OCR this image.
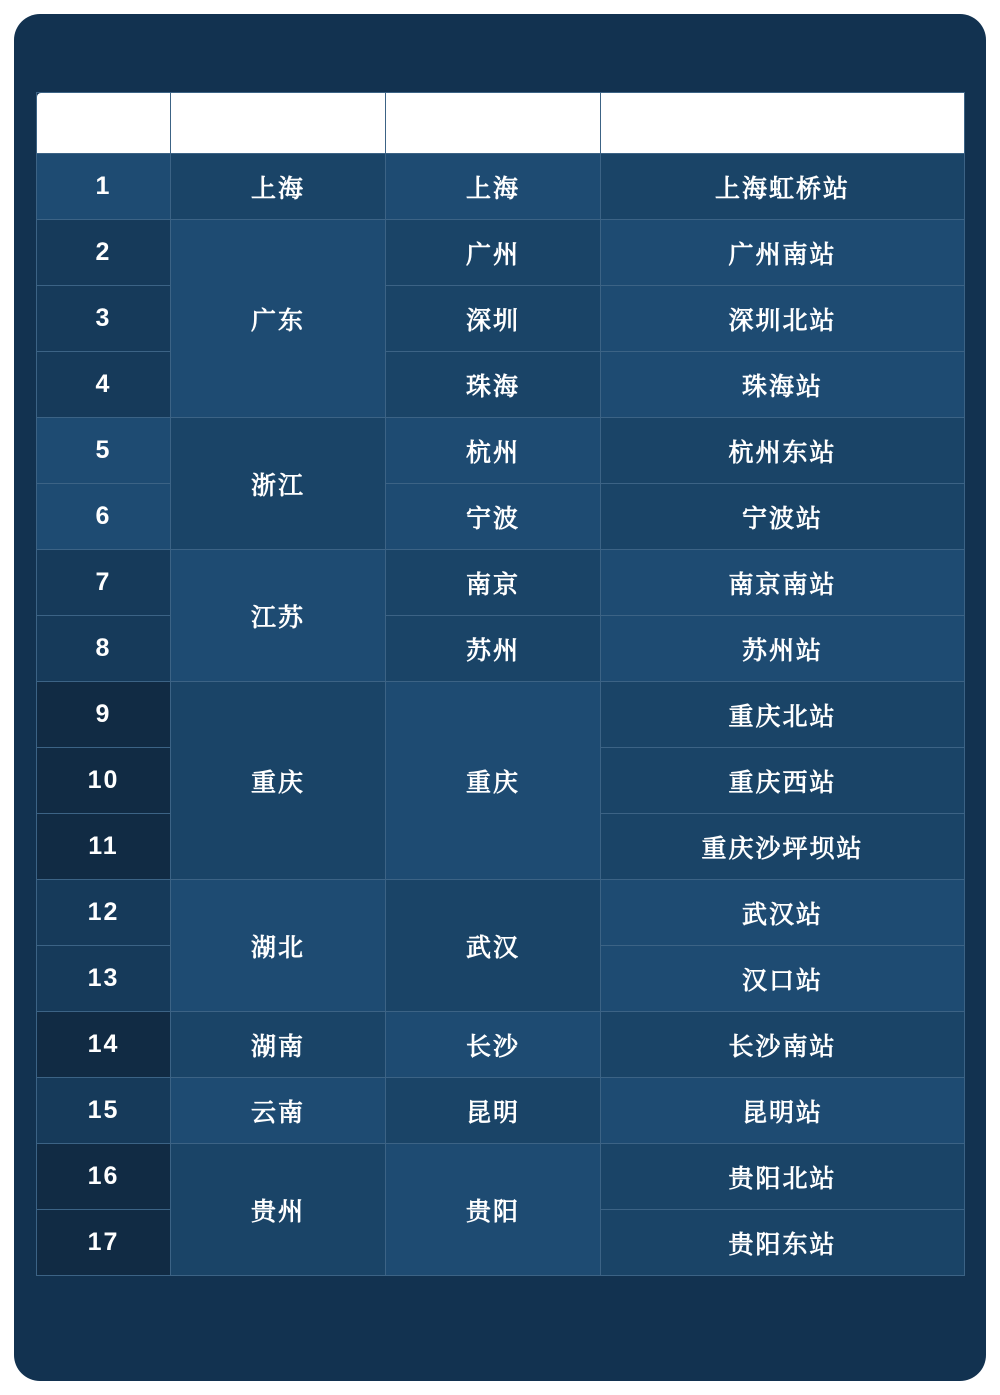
序号	省份	城市	车站
1	上海	上海	上海虹桥站
2	广东	广州	广州南站
3		深圳	深圳北站
4		珠海	珠海站
5	浙江	杭州	杭州东站
6		宁波	宁波站
7	江苏	南京	南京南站
8		苏州	苏州站
9	重庆	重庆	重庆北站
10			重庆西站
11			重庆沙坪坝站
12	湖北	武汉	武汉站
13			汉口站
14	湖南	长沙	长沙南站
15	云南	昆明	昆明站
16	贵州	贵阳	贵阳北站
17			贵阳东站
